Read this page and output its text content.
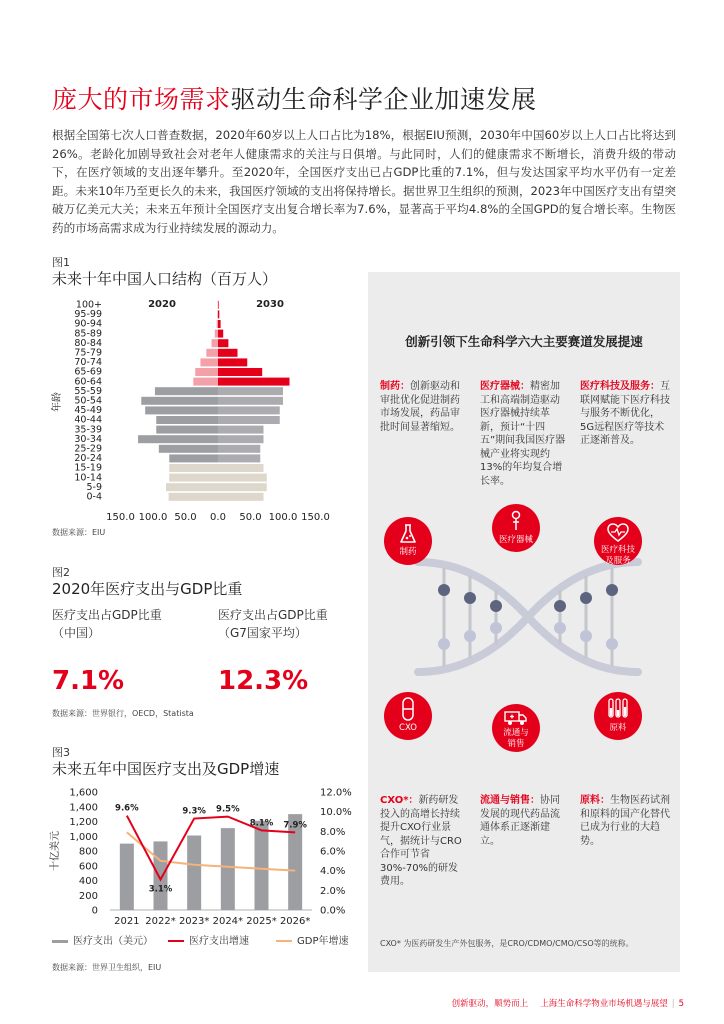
庞大的市场需求驱动生命科学企业加速发展

根据全国第七次人口普查数据，2020年60岁以上人口占比为18%，根据EIU预测，2030年中国60岁以上人口占比将达到26%。老龄化加剧导致社会对老年人健康需求的关注与日俱增。与此同时，人们的健康需求不断增长，消费升级的带动下，在医疗领域的支出逐年攀升。至2020年，全国医疗支出已占GDP比重的7.1%，但与发达国家平均水平仍有一定差距。未来10年乃至更长久的未来，我国医疗领域的支出将保持增长。据世界卫生组织的预测，2023年中国医疗支出有望突破万亿美元大关；未来五年预计全国医疗支出复合增长率为7.6%，显著高于平均4.8%的全国GPD的复合增长率。生物医药的市场高需求成为行业持续发展的源动力。

图1
未来十年中国人口结构（百万人）
2020	2030
年龄
100+
95-99
90-94
85-89
80-84
75-79
70-74
65-69
60-64
55-59
50-54
45-49
40-44
35-39
30-34
25-29
20-24
15-19
10-14
5-9
0-4
150.0 100.0 50.0 0.0 50.0 100.0 150.0
数据来源：EIU
图2
2020年医疗支出与GDP比重
医疗支出占GDP比重
（中国）
医疗支出占GDP比重
（G7国家平均）
7.1%	12.3%
数据来源：世界银行，OECD，Statista
图3
未来五年中国医疗支出及GDP增速
0
200
400
600
800
1,000
1,200
1,400
1,600
0.0%
2.0%
4.0%
6.0%
8.0%
10.0%
12.0%
十亿美元
2021 2022* 2023* 2024* 2025* 2026*
9.6%
3.1%
9.3% 9.5%
8.1% 7.9%
医疗支出（美元）	医疗支出增速	GDP年增速
数据来源：世界卫生组织，EIU
创新引领下生命科学六大主要赛道发展提速
制药：创新驱动和审批优化促进制药市场发展，药品审批时间显著缩短。
医疗器械：精密加工和高端制造驱动医疗器械持续革新，预计“十四五”期间我国医疗器械产业将实现约13%的年均复合增长率。
医疗科技及服务：互联网赋能下医疗科技与服务不断优化，5G远程医疗等技术正逐渐普及。
CXO*：新药研发投入的高增长持续提升CXO行业景气，据统计与CRO合作可节省30%-70%的研发费用。
流通与销售：协同发展的现代药品流通体系正逐渐建立。
原料：生物医药试剂和原料的国产化替代已成为行业的大趋势。
制药
医疗器械
医疗科技
及服务
CXO	流通与
销售
原料
CXO* 为医药研发生产外包服务，是CRO/CDMO/CMO/CSO等的统称。
创新驱动，顺势而上 上海生命科学物业市场机遇与展望 | 5
